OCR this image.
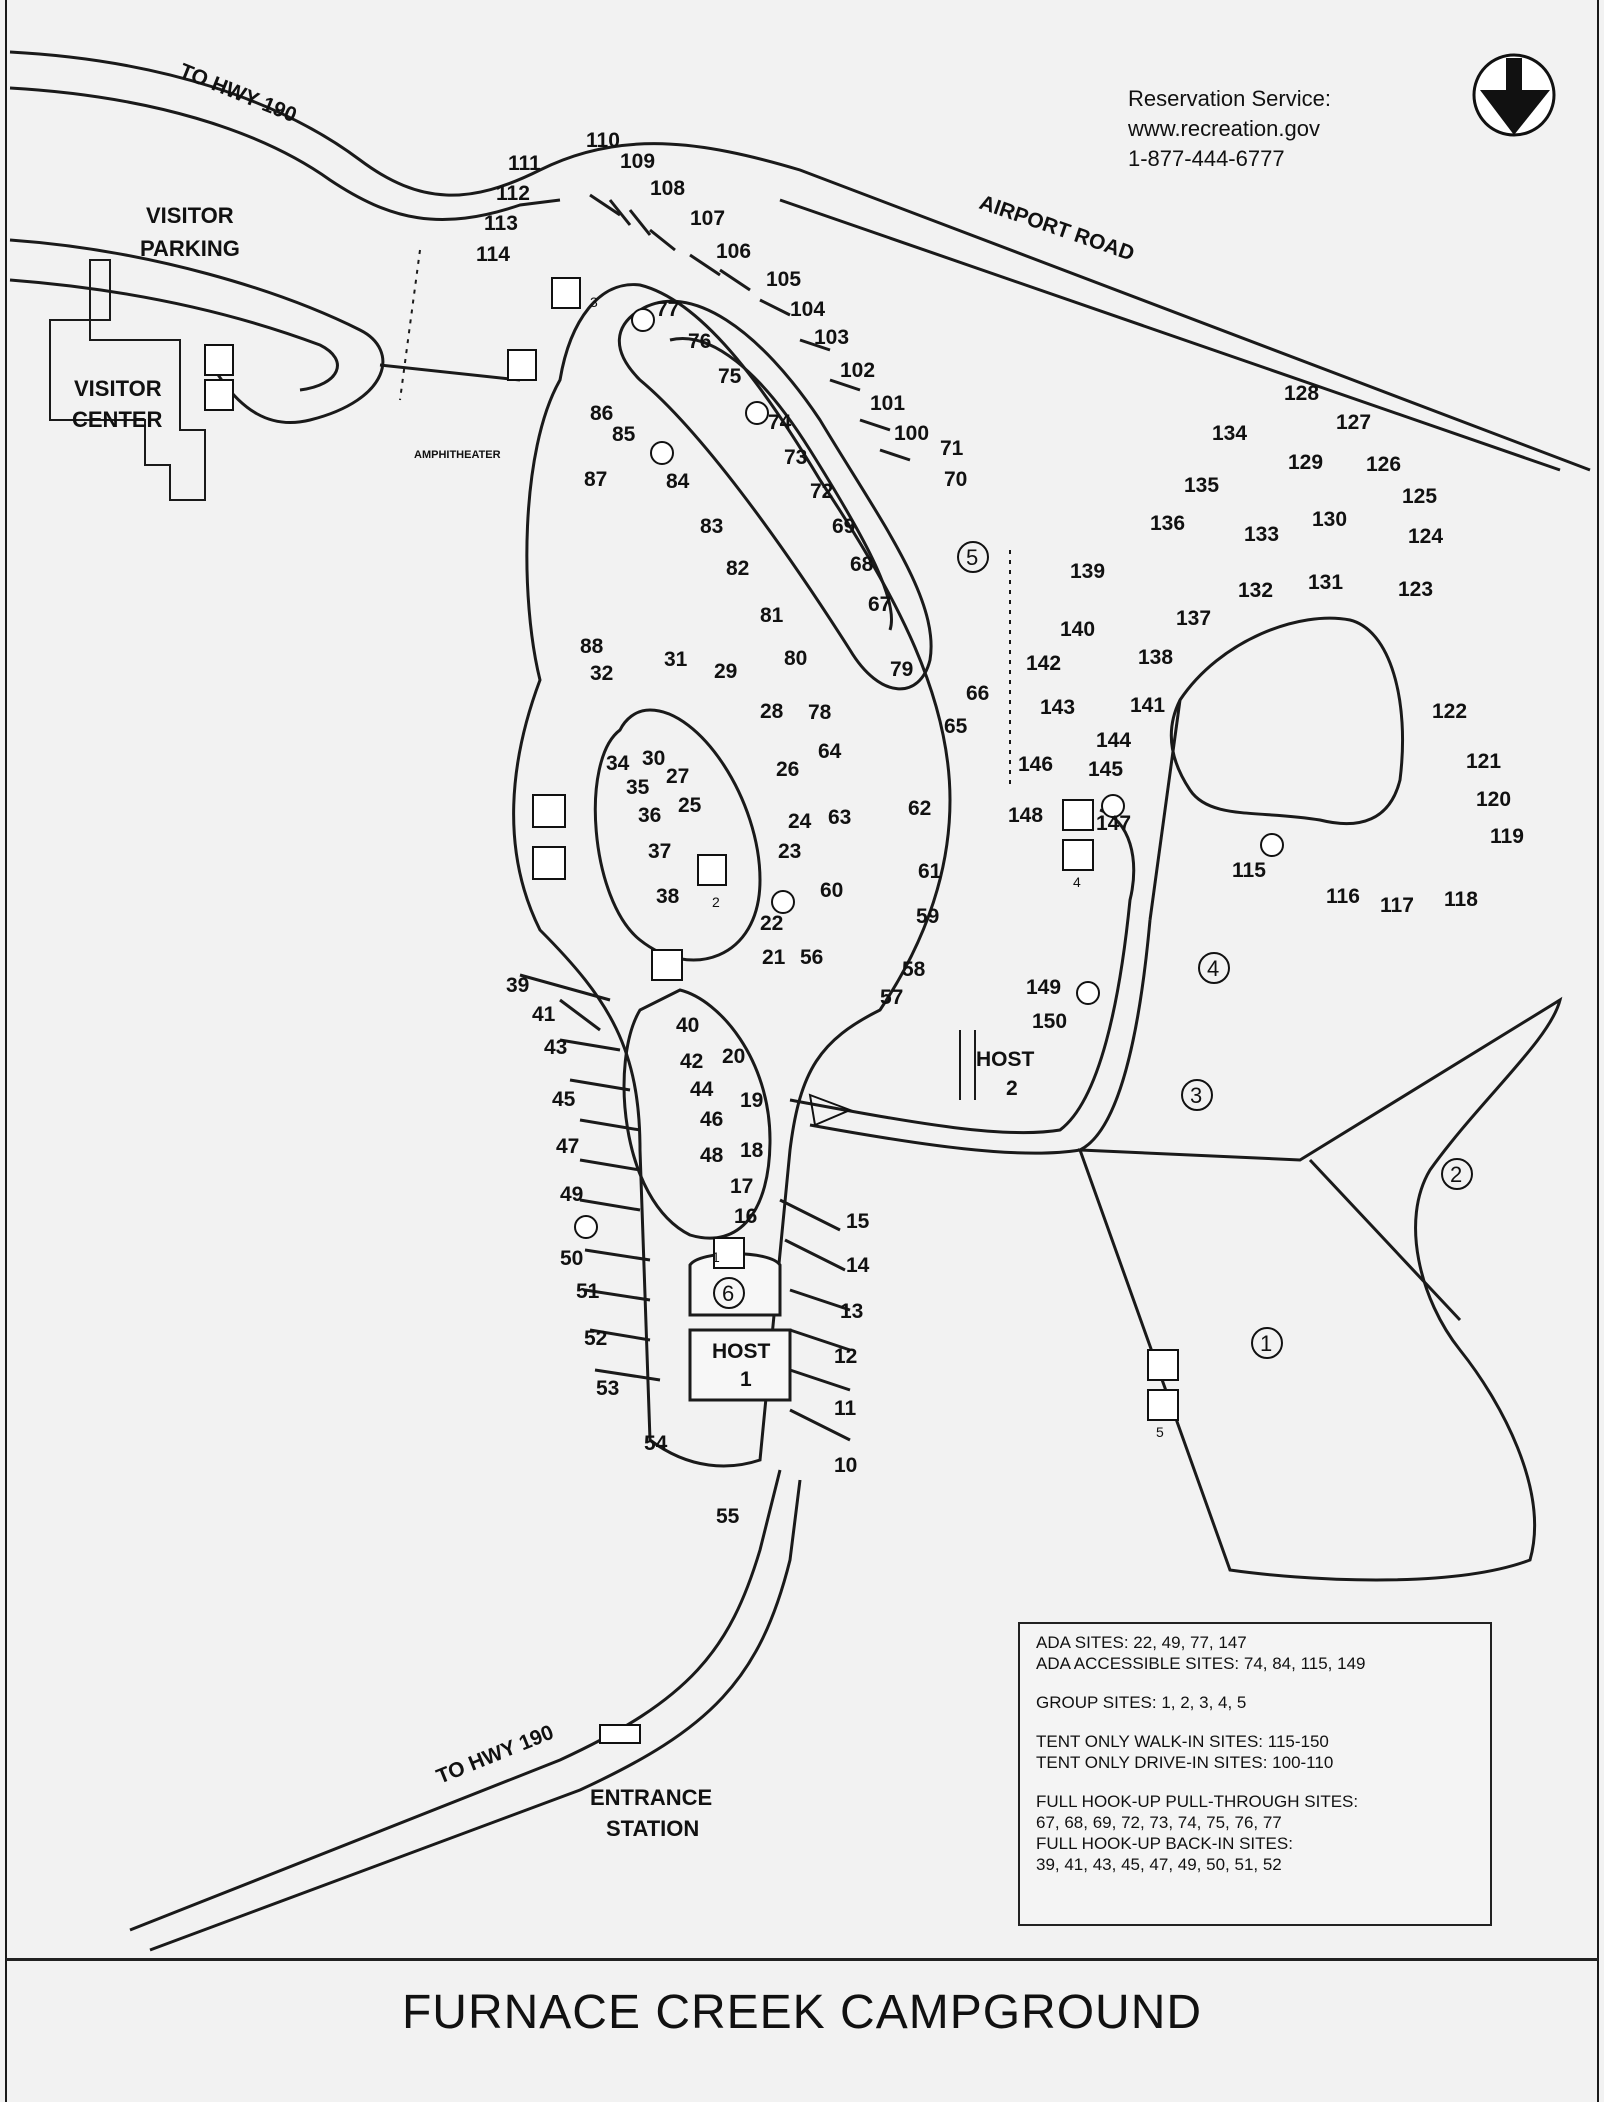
TO HWY 190
AIRPORT ROAD
TO HWY 190
VISITOR
PARKING
VISITOR
CENTER
AMPHITHEATER
ENTRANCE
STATION
HOST
1
HOST
2
1
2
3
4
5
6
1
2
3
4
5
10
11
12
13
14
15
16
17
18
19
20
21
22
23
24
25
26
27
28
29
30
31
32
34
35
36
37
38
39
40
41
42
43
44
45
46
47	48
49
50
51
52
53
54
55
56
57
58
59
60
61
62
63
64
65
66
67
68
69
70
71
72
73
74
75
76
77
78
79
80
81
82
83
84
85
86
87
88
100
101
102
103
104
105
106
107
108
109
110
111
112
113
114
115
116 117 118
119
120
121
122
123
124
125
126
127
128
129
130
131
132
133
134
135
136
137
138
139
140
141
142
143
144
145
146
147
148
149
150
Reservation Service:
www.recreation.gov
1-877-444-6777

ADA SITES: 22, 49, 77, 147

ADA ACCESSIBLE SITES: 74, 84, 115, 149

GROUP SITES: 1, 2, 3, 4, 5

TENT ONLY WALK-IN SITES: 115-150

TENT ONLY DRIVE-IN SITES: 100-110

FULL HOOK-UP PULL-THROUGH SITES:

67, 68, 69, 72, 73, 74, 75, 76, 77

FULL HOOK-UP BACK-IN SITES:

39, 41, 43, 45, 47, 49, 50, 51, 52

FURNACE CREEK CAMPGROUND
